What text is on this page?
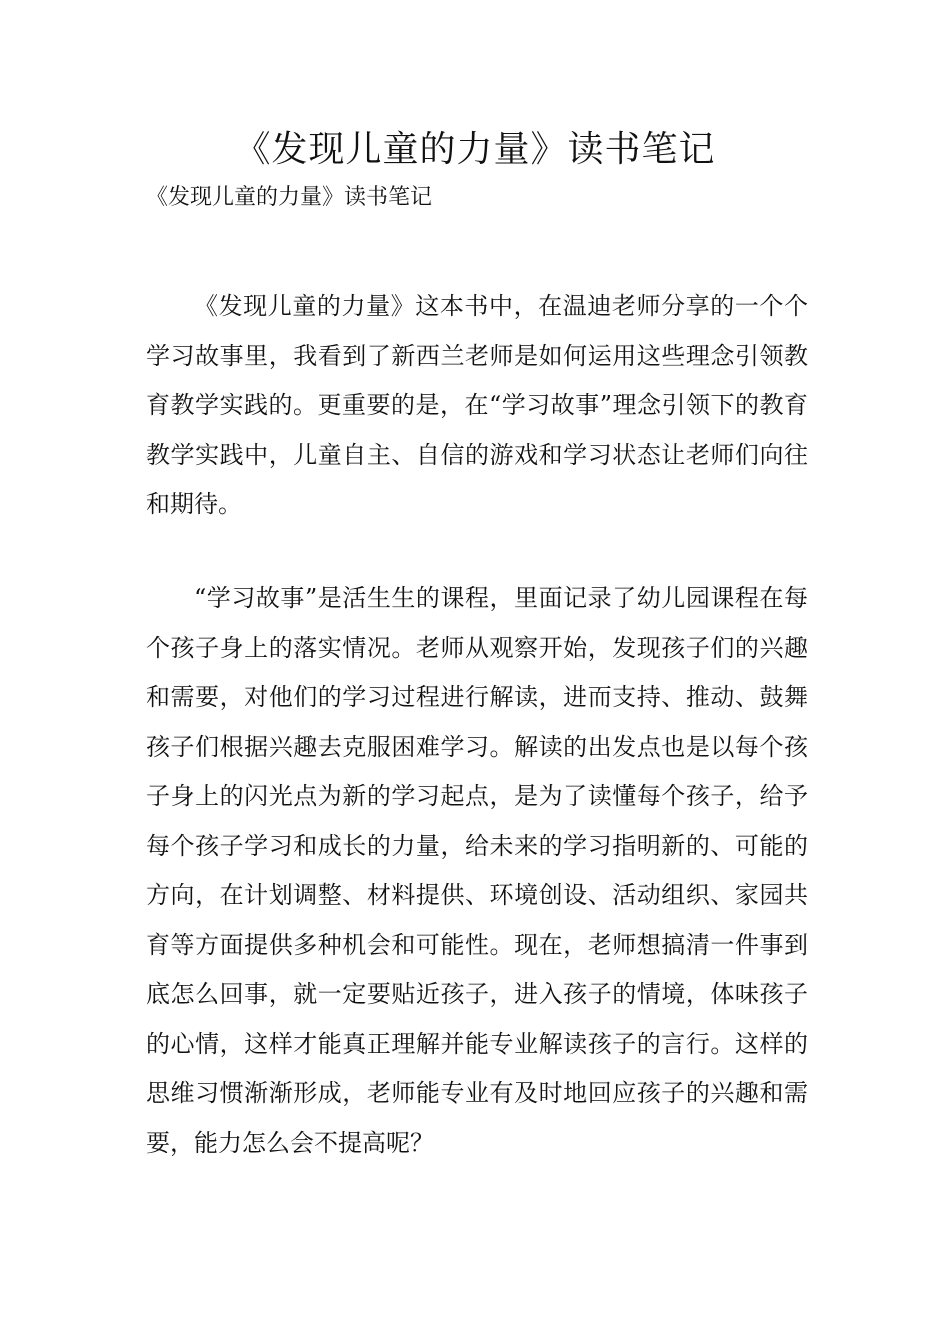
《发现儿童的力量》读书笔记

《发现儿童的力量》读书笔记

《发现儿童的力量》这本书中，在温迪老师分享的一个个学习故事里，我看到了新西兰老师是如何运用这些理念引领教育教学实践的。更重要的是，在“学习故事”理念引领下的教育教学实践中，儿童自主、自信的游戏和学习状态让老师们向往和期待。

“学习故事”是活生生的课程，里面记录了幼儿园课程在每个孩子身上的落实情况。老师从观察开始，发现孩子们的兴趣和需要，对他们的学习过程进行解读，进而支持、推动、鼓舞孩子们根据兴趣去克服困难学习。解读的出发点也是以每个孩子身上的闪光点为新的学习起点，是为了读懂每个孩子，给予每个孩子学习和成长的力量，给未来的学习指明新的、可能的方向，在计划调整、材料提供、环境创设、活动组织、家园共育等方面提供多种机会和可能性。现在，老师想搞清一件事到底怎么回事，就一定要贴近孩子，进入孩子的情境，体味孩子的心情，这样才能真正理解并能专业解读孩子的言行。这样的思维习惯渐渐形成，老师能专业有及时地回应孩子的兴趣和需要，能力怎么会不提高呢？
